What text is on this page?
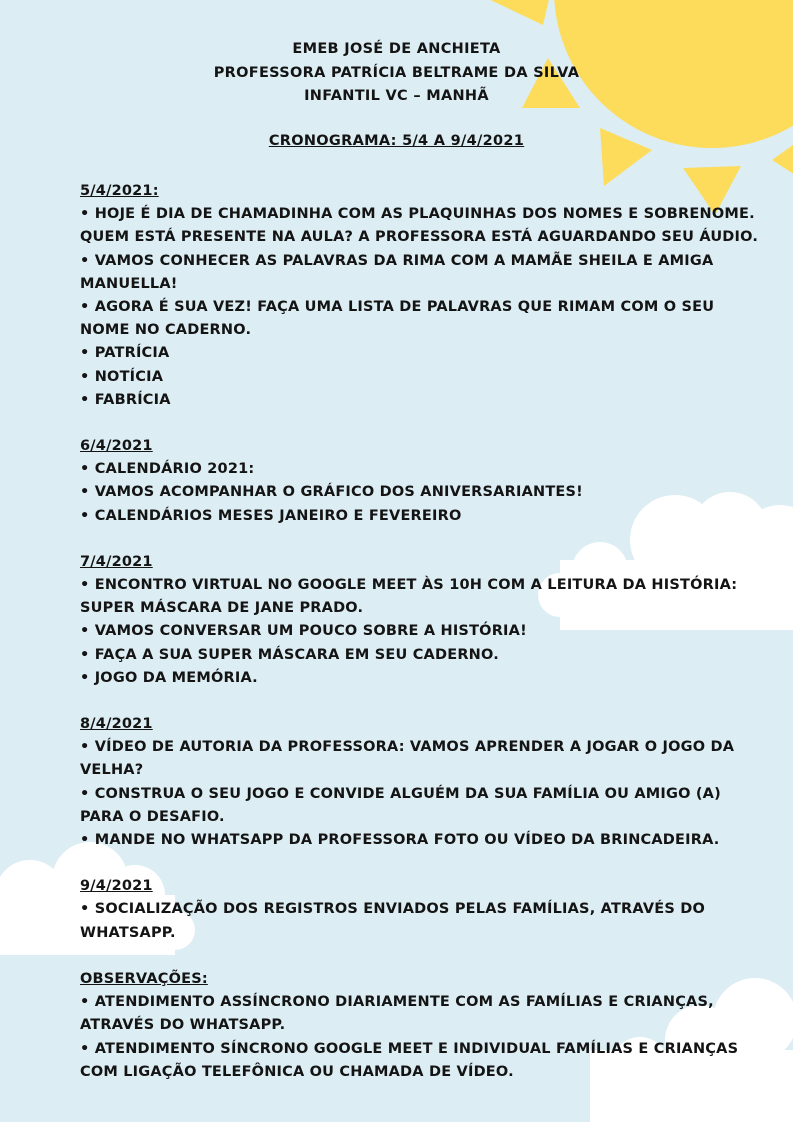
EMEB JOSÉ DE ANCHIETA
PROFESSORA PATRÍCIA BELTRAME DA SILVA
INFANTIL VC – MANHÃ
CRONOGRAMA: 5/4 A 9/4/2021
5/4/2021:
• HOJE É DIA DE CHAMADINHA COM AS PLAQUINHAS DOS NOMES E SOBRENOME. QUEM ESTÁ PRESENTE NA AULA? A PROFESSORA ESTÁ AGUARDANDO SEU ÁUDIO.
• VAMOS CONHECER AS PALAVRAS DA RIMA COM A MAMÃE SHEILA E AMIGA MANUELLA!
• AGORA É SUA VEZ! FAÇA UMA LISTA DE PALAVRAS QUE RIMAM COM O SEU NOME NO CADERNO.
• PATRÍCIA
• NOTÍCIA
• FABRÍCIA
6/4/2021
• CALENDÁRIO 2021:
• VAMOS ACOMPANHAR O GRÁFICO DOS ANIVERSARIANTES!
• CALENDÁRIOS MESES JANEIRO E FEVEREIRO
7/4/2021
• ENCONTRO VIRTUAL NO GOOGLE MEET ÀS 10H COM A LEITURA DA HISTÓRIA: SUPER MÁSCARA DE JANE PRADO.
• VAMOS CONVERSAR UM POUCO SOBRE A HISTÓRIA!
• FAÇA A SUA SUPER MÁSCARA EM SEU CADERNO.
• JOGO DA MEMÓRIA.
8/4/2021
• VÍDEO DE AUTORIA DA PROFESSORA: VAMOS APRENDER A JOGAR O JOGO DA VELHA?
• CONSTRUA O SEU JOGO E CONVIDE ALGUÉM DA SUA FAMÍLIA OU AMIGO (A) PARA O DESAFIO.
• MANDE NO WHATSAPP DA PROFESSORA FOTO OU VÍDEO DA BRINCADEIRA.
9/4/2021
• SOCIALIZAÇÃO DOS REGISTROS ENVIADOS PELAS FAMÍLIAS, ATRAVÉS DO WHATSAPP.
OBSERVAÇÕES:
• ATENDIMENTO ASSÍNCRONO DIARIAMENTE COM AS FAMÍLIAS E CRIANÇAS, ATRAVÉS DO WHATSAPP.
• ATENDIMENTO SÍNCRONO GOOGLE MEET E INDIVIDUAL FAMÍLIAS E CRIANÇAS COM LIGAÇÃO TELEFÔNICA OU CHAMADA DE VÍDEO.
